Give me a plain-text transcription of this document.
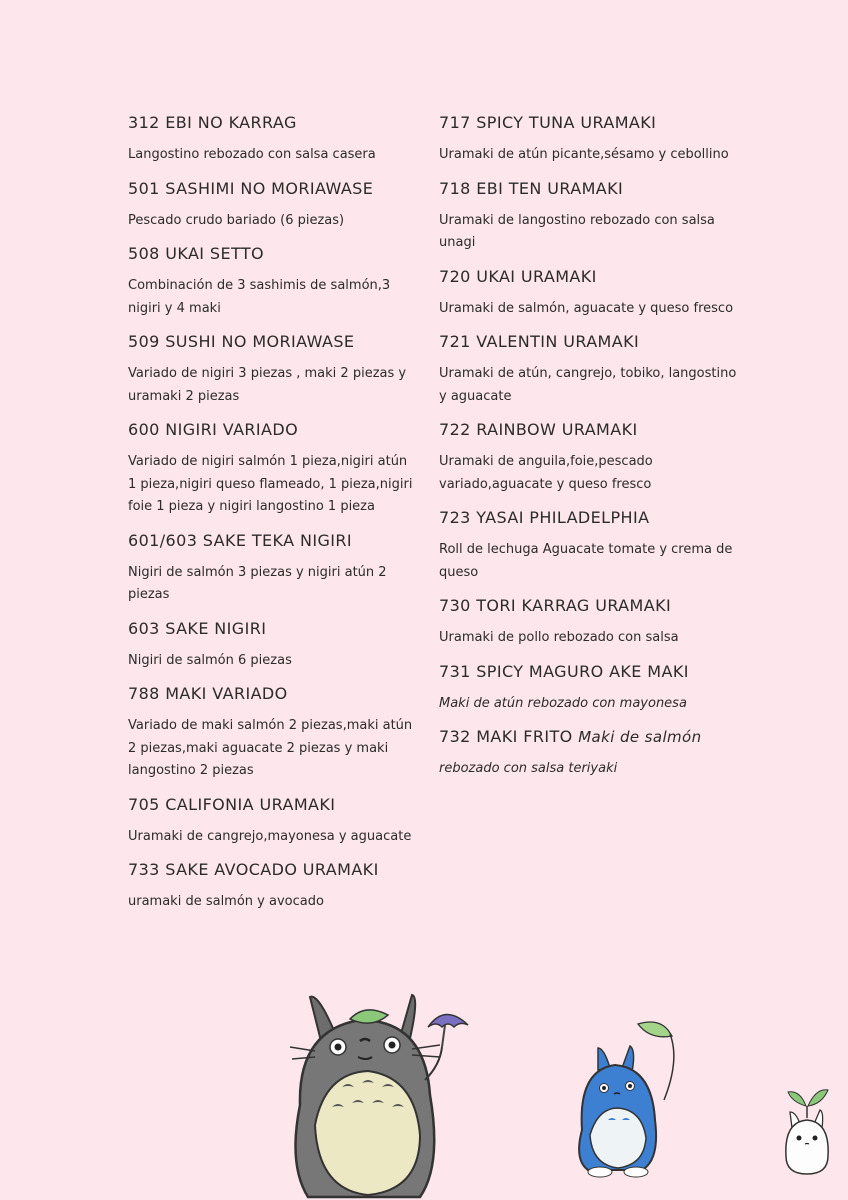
312 EBI NO KARRAG
Langostino rebozado con salsa casera
501 SASHIMI NO MORIAWASE
Pescado crudo bariado (6 piezas)
508 UKAI SETTO
Combinación de 3 sashimis de salmón,3 nigiri y 4 maki
509 SUSHI NO MORIAWASE
Variado de nigiri 3 piezas , maki 2 piezas y uramaki 2 piezas
600 NIGIRI VARIADO
Variado de nigiri salmón 1 pieza,nigiri atún 1 pieza,nigiri queso flameado, 1 pieza,nigiri foie 1 pieza y nigiri langostino 1 pieza
601/603 SAKE TEKA NIGIRI
Nigiri de salmón 3 piezas y nigiri atún 2 piezas
603 SAKE NIGIRI
Nigiri de salmón 6 piezas
788 MAKI VARIADO
Variado de maki salmón 2 piezas,maki atún 2 piezas,maki aguacate 2 piezas y maki langostino 2 piezas
705 CALIFONIA URAMAKI
Uramaki de cangrejo,mayonesa y aguacate
733 SAKE AVOCADO URAMAKI
uramaki de salmón y avocado
717 SPICY TUNA URAMAKI
Uramaki de atún picante,sésamo y cebollino
718 EBI TEN URAMAKI
Uramaki de langostino rebozado con salsa unagi
720 UKAI URAMAKI
Uramaki de salmón, aguacate y queso fresco
721 VALENTIN URAMAKI
Uramaki de atún, cangrejo, tobiko, langostino y aguacate
722 RAINBOW URAMAKI
Uramaki de anguila,foie,pescado variado,aguacate y queso fresco
723 YASAI PHILADELPHIA
Roll de lechuga Aguacate tomate y crema de queso
730 TORI KARRAG URAMAKI
Uramaki de pollo rebozado con salsa
731 SPICY MAGURO AKE MAKI
Maki de atún rebozado con mayonesa
732 MAKI FRITO Maki de salmón
rebozado con salsa teriyaki
